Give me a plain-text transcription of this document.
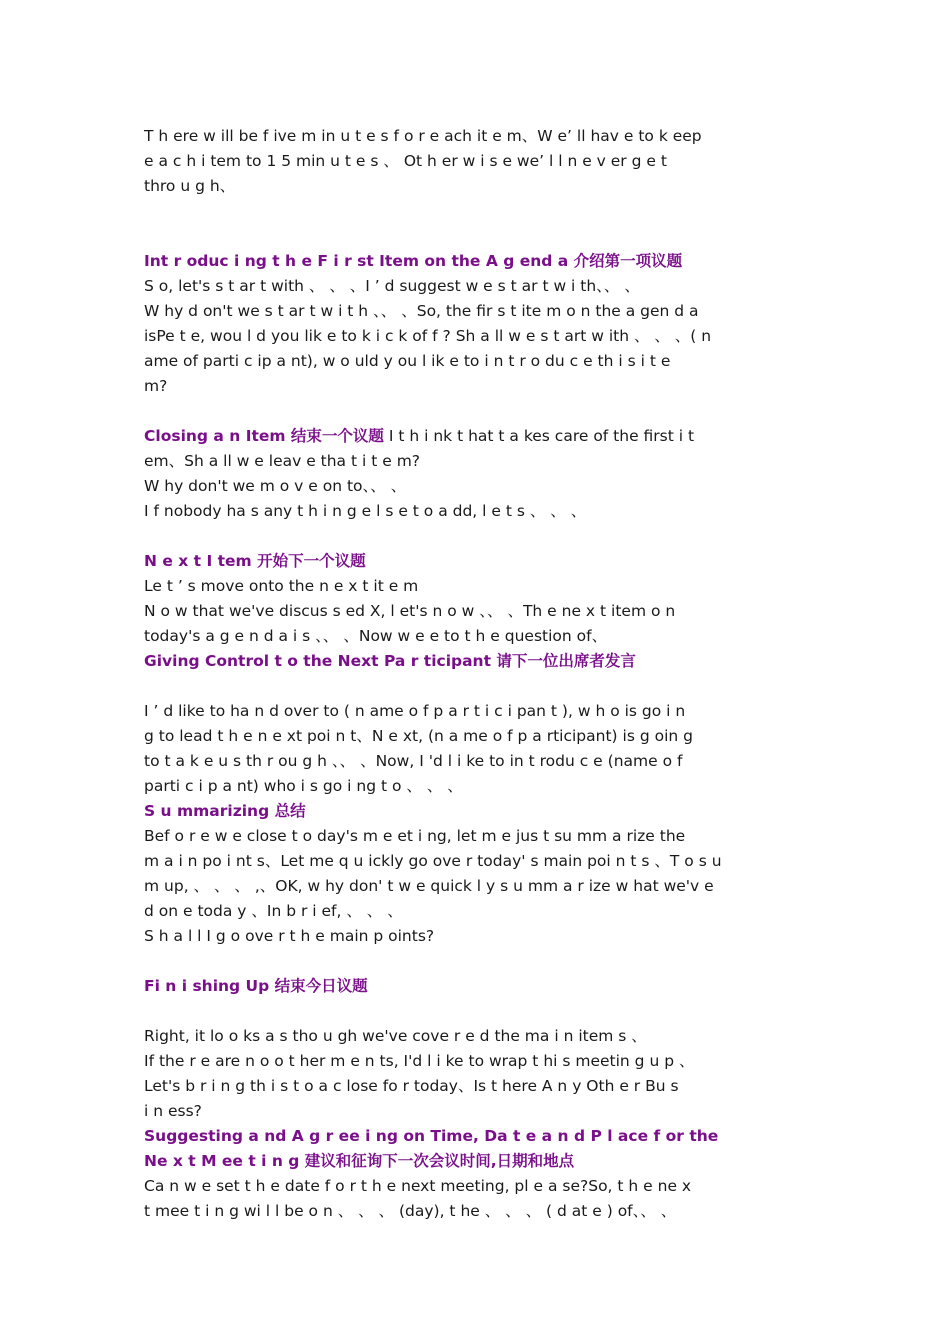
T h ere w ill be f ive m in u t e s f o r e ach it e m、W e’ ll hav e to k eep
e a c h i tem to 1 5 min u t e s 、 Ot h er w i s e we’ l l n e v er g e t
thro u g h、
Int r oduc i ng t h e F i r st Item on the A g end a 介绍第一项议题
S o, let's s t ar t with 、 、 、I ’ d suggest w e s t ar t w i th、、 、
W hy d on't we s t ar t w i t h 、、 、So, the fir s t ite m o n the a gen d a
isPe t e, wou l d you lik e to k i c k of f ? Sh a ll w e s t art w ith 、 、 、( n
ame of parti c ip a nt), w o uld y ou l ik e to i n t r o du c e th i s i t e
m?
Closing a n Item 结束一个议题 I t h i nk t hat t a kes care of the first i t
em、Sh a ll w e leav e tha t i t e m?
W hy don't we m o v e on to、、 、
I f nobody ha s any t h i n g e l s e t o a dd, l e t s 、 、 、
N e x t I tem 开始下一个议题
Le t ’ s move onto the n e x t it e m
N o w that we've discus s ed X, l et's n o w 、、 、Th e ne x t item o n
today's a g e n d a i s 、、 、Now w e e to t h e question of、
Giving Control t o the Next Pa r ticipant 请下一位出席者发言
I ’ d like to ha n d over to ( n ame o f p a r t i c i pan t ), w h o is go i n
g to lead t h e n e xt poi n t、N e xt, (n a me o f p a rticipant) is g oin g
to t a k e u s th r ou g h 、、 、Now, I 'd l i ke to in t rodu c e (name o f
parti c i p a nt) who i s go i ng t o 、 、 、
S u mmarizing 总结
Bef o r e w e close t o day's m e et i ng, let m e jus t su mm a rize the
m a i n po i nt s、Let me q u ickly go ove r today' s main poi n t s 、T o s u
m up, 、 、 、 ,、OK, w hy don' t w e quick l y s u mm a r ize w hat we'v e
d on e toda y 、In b r i ef, 、 、 、
S h a l l I g o ove r t h e main p oints?
Fi n i shing Up 结束今日议题
Right, it lo o ks a s tho u gh we've cove r e d the ma i n item s 、
If the r e are n o o t her m e n ts, I'd l i ke to wrap t hi s meetin g u p 、
Let's b r i n g th i s t o a c lose fo r today、Is t here A n y Oth e r Bu s
i n ess?
Suggesting a nd A g r ee i ng on Time, Da t e a n d P l ace f or the
Ne x t M ee t i n g 建议和征询下一次会议时间,日期和地点
Ca n w e set t h e date f o r t h e next meeting, pl e a se?So, t h e ne x
t mee t i n g wi l l be o n 、 、 、 (day), t he 、 、 、 ( d at e ) of、、 、
